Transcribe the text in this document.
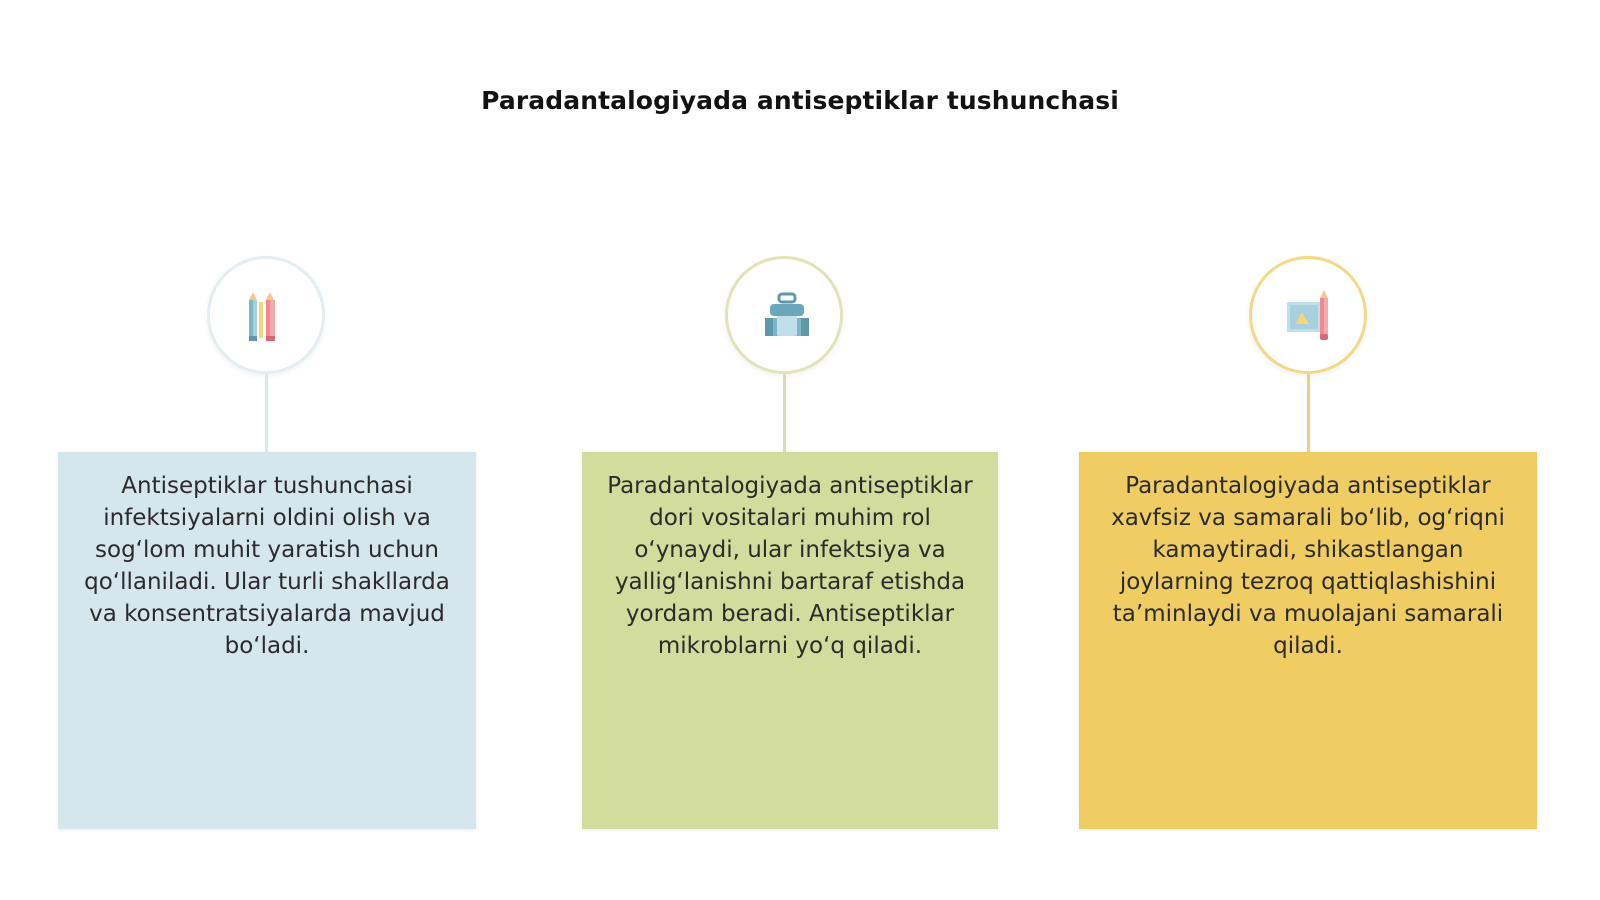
Paradantalogiyada antiseptiklar tushunchasi
Antiseptiklar tushunchasi infektsiyalarni oldini olish va sog‘lom muhit yaratish uchun qo‘llaniladi. Ular turli shakllarda va konsentratsiyalarda mavjud bo‘ladi.
Paradantalogiyada antiseptiklar dori vositalari muhim rol o‘ynaydi, ular infektsiya va yallig‘lanishni bartaraf etishda yordam beradi. Antiseptiklar mikroblarni yo‘q qiladi.
Paradantalogiyada antiseptiklar xavfsiz va samarali bo‘lib, og‘riqni kamaytiradi, shikastlangan joylarning tezroq qattiqlashishini ta’minlaydi va muolajani samarali qiladi.
